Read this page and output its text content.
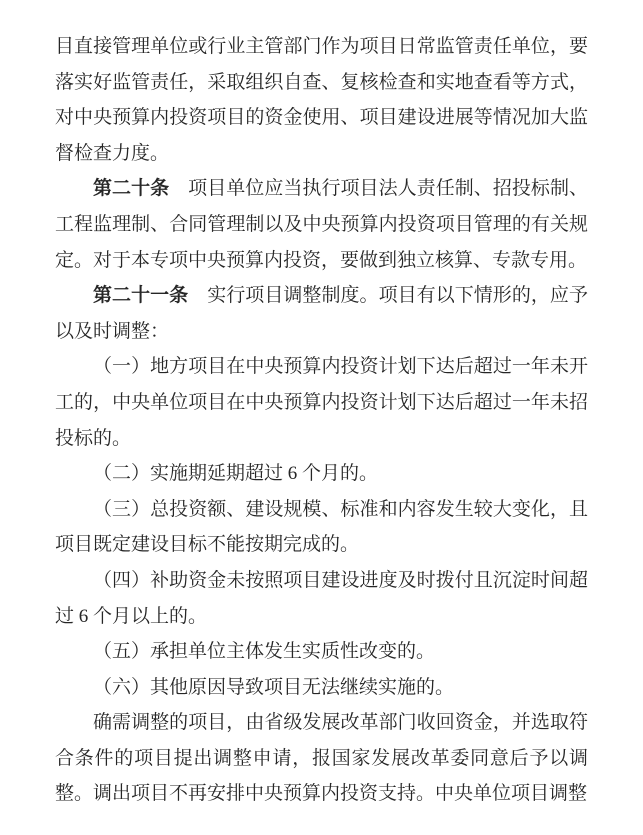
目直接管理单位或行业主管部门作为项目日常监管责任单位，要落实好监管责任，采取组织自查、复核检查和实地查看等方式，对中央预算内投资项目的资金使用、项目建设进展等情况加大监督检查力度。

第二十条 项目单位应当执行项目法人责任制、招投标制、工程监理制、合同管理制以及中央预算内投资项目管理的有关规定。对于本专项中央预算内投资，要做到独立核算、专款专用。

第二十一条 实行项目调整制度。项目有以下情形的，应予以及时调整：

（一）地方项目在中央预算内投资计划下达后超过一年未开工的，中央单位项目在中央预算内投资计划下达后超过一年未招投标的。

（二）实施期延期超过 6 个月的。

（三）总投资额、建设规模、标准和内容发生较大变化，且项目既定建设目标不能按期完成的。

（四）补助资金未按照项目建设进度及时拨付且沉淀时间超过 6 个月以上的。

（五）承担单位主体发生实质性改变的。

（六）其他原因导致项目无法继续实施的。

确需调整的项目，由省级发展改革部门收回资金，并选取符合条件的项目提出调整申请，报国家发展改革委同意后予以调整。调出项目不再安排中央预算内投资支持。中央单位项目调整
